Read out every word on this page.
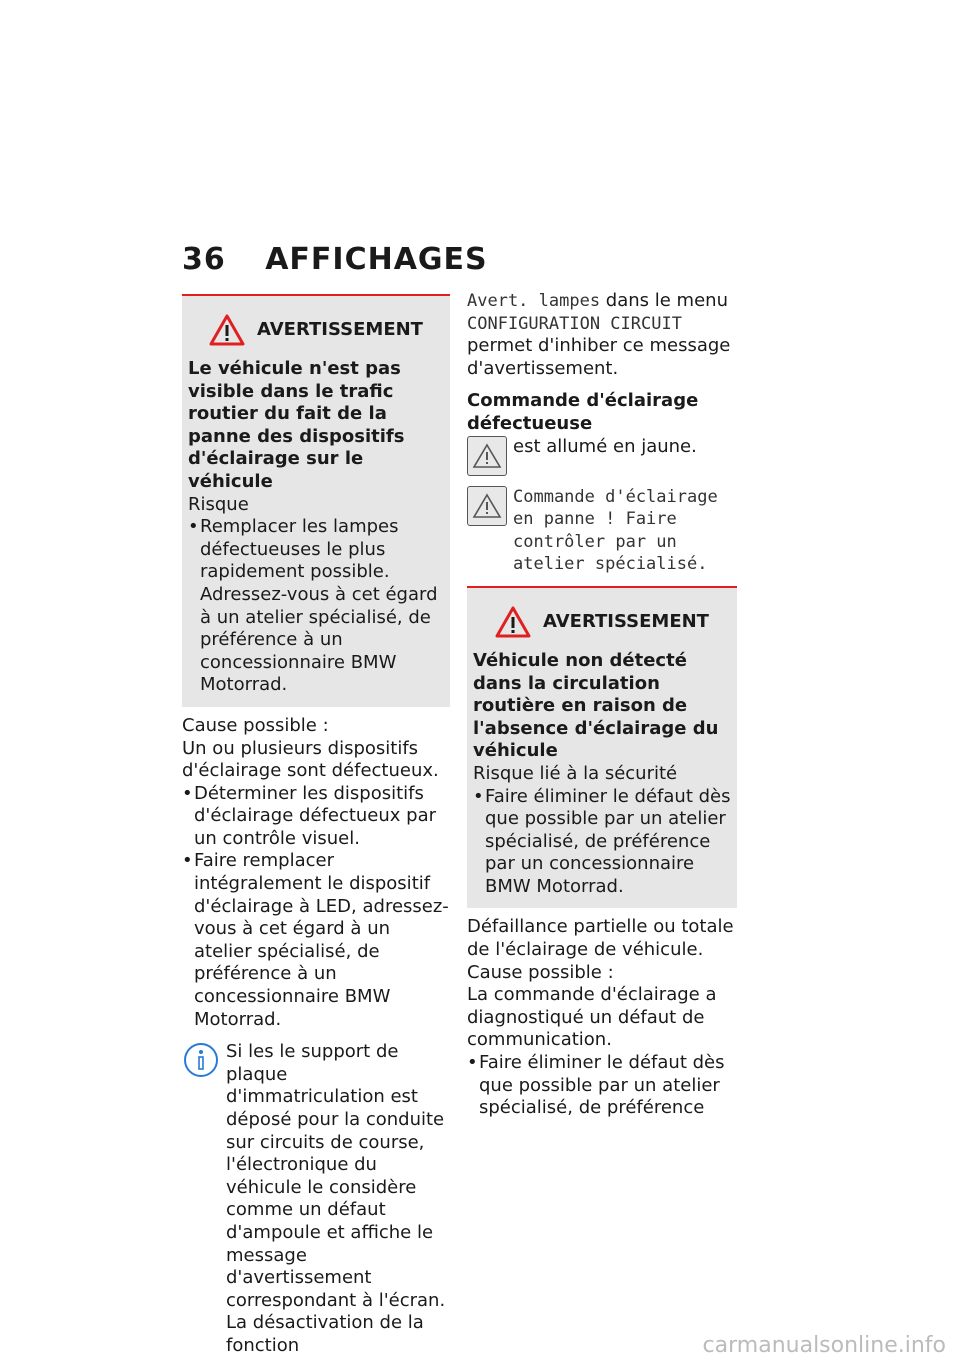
36 AFFICHAGES
AVERTISSEMENT

Le véhicule n'est pas visible dans le trafic routier du fait de la panne des dispositifs d'éclairage sur le véhicule

Risque

• Remplacer les lampes défectueuses le plus rapidement possible. Adressez-vous à cet égard à un atelier spécialisé, de préférence à un concessionnaire BMW Motorrad.

Cause possible :

Un ou plusieurs dispositifs d'éclairage sont défectueux.

• Déterminer les dispositifs d'éclairage défectueux par un contrôle visuel.
• Faire remplacer intégralement le dispositif d'éclairage à LED, adressez-vous à cet égard à un atelier spécialisé, de préférence à un concessionnaire BMW Motorrad.

Si les le support de plaque d'immatriculation est déposé pour la conduite sur circuits de course, l'électronique du véhicule le considère comme un défaut d'ampoule et affiche le message d'avertissement correspondant à l'écran. La désactivation de la fonction

Avert. lampes dans le menu CONFIGURATION CIRCUIT permet d'inhiber ce message d'avertissement.

Commande d'éclairage défectueuse

est allumé en jaune.

Commande d'éclairage en panne ! Faire contrôler par un atelier spécialisé.

AVERTISSEMENT

Véhicule non détecté dans la circulation routière en raison de l'absence d'éclairage du véhicule

Risque lié à la sécurité

• Faire éliminer le défaut dès que possible par un atelier spécialisé, de préférence par un concessionnaire BMW Motorrad.

Défaillance partielle ou totale de l'éclairage de véhicule.

Cause possible :

La commande d'éclairage a diagnostiqué un défaut de communication.

• Faire éliminer le défaut dès que possible par un atelier spécialisé, de préférence
carmanualsonline.info
